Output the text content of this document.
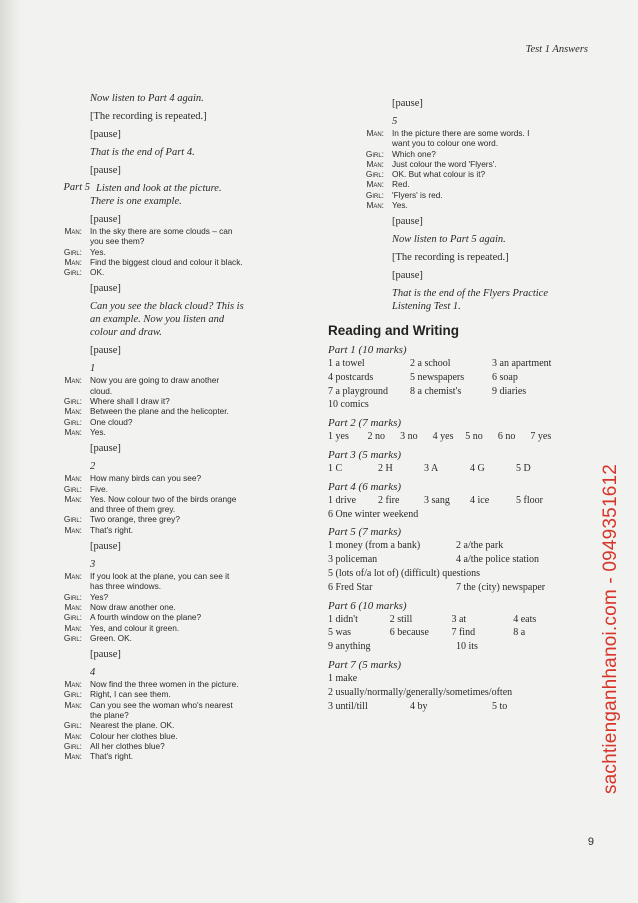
Test 1 Answers
Now listen to Part 4 again.
[The recording is repeated.]
[pause]
That is the end of Part 4.
[pause]
Part 5 Listen and look at the picture.
There is one example.
[pause]
Man: In the sky there are some clouds – can
you see them?
Girl: Yes.
Man: Find the biggest cloud and colour it black.
Girl: OK.
[pause]
Can you see the black cloud? This is
an example. Now you listen and
colour and draw.
[pause]
1
Man: Now you are going to draw another
cloud.
Girl: Where shall I draw it?
Man: Between the plane and the helicopter.
Girl: One cloud?
Man: Yes.
[pause]
2
Man: How many birds can you see?
Girl: Five.
Man: Yes. Now colour two of the birds orange
and three of them grey.
Girl: Two orange, three grey?
Man: That's right.
[pause]
3
Man: If you look at the plane, you can see it
has three windows.
Girl: Yes?
Man: Now draw another one.
Girl: A fourth window on the plane?
Man: Yes, and colour it green.
Girl: Green. OK.
[pause]
4
Man: Now find the three women in the picture.
Girl: Right, I can see them.
Man: Can you see the woman who's nearest
the plane?
Girl: Nearest the plane. OK.
Man: Colour her clothes blue.
Girl: All her clothes blue?
Man: That's right.
[pause]
5
Man: In the picture there are some words. I
want you to colour one word.
Girl: Which one?
Man: Just colour the word 'Flyers'.
Girl: OK. But what colour is it?
Man: Red.
Girl: 'Flyers' is red.
Man: Yes.
[pause]
Now listen to Part 5 again.
[The recording is repeated.]
[pause]
That is the end of the Flyers Practice
Listening Test 1.
Reading and Writing
Part 1 (10 marks)
1 a towel	2 a school	3 an apartment
4 postcards	5 newspapers	6 soap
7 a playground	8 a chemist's	9 diaries
10 comics
Part 2 (7 marks)
1 yes	2 no	3 no	4 yes	5 no	6 no	7 yes
Part 3 (5 marks)
1 C	2 H	3 A	4 G	5 D
Part 4 (6 marks)
1 drive	2 fire	3 sang	4 ice	5 floor
6 One winter weekend
Part 5 (7 marks)
1 money (from a bank)	2 a/the park
3 policeman	4 a/the police station
5 (lots of/a lot of) (difficult) questions
6 Fred Star	7 the (city) newspaper
Part 6 (10 marks)
1 didn't	2 still	3 at	4 eats
5 was	6 because	7 find	8 a
9 anything	10 its
Part 7 (5 marks)
1 make
2 usually/normally/generally/sometimes/often
3 until/till	4 by	5 to	sachtienganhhanoi.com - 0949351612
9
